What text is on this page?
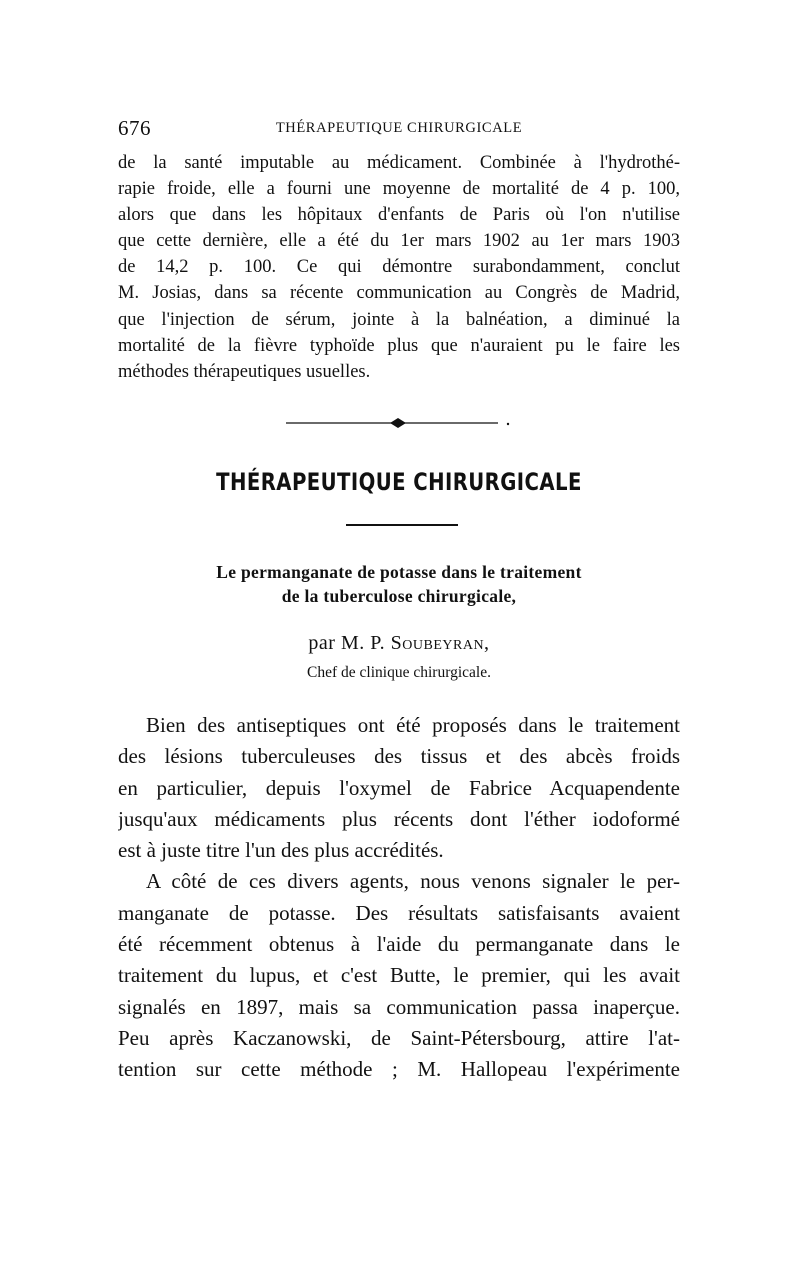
676	THÉRAPEUTIQUE CHIRURGICALE
de la santé imputable au médicament. Combinée à l'hydrothé-
rapie froide, elle a fourni une moyenne de mortalité de 4 p. 100,
alors que dans les hôpitaux d'enfants de Paris où l'on n'utilise
que cette dernière, elle a été du 1er mars 1902 au 1er mars 1903
de 14,2 p. 100. Ce qui démontre surabondamment, conclut
M. Josias, dans sa récente communication au Congrès de Madrid,
que l'injection de sérum, jointe à la balnéation, a diminué la
mortalité de la fièvre typhoïde plus que n'auraient pu le faire les
méthodes thérapeutiques usuelles.
THÉRAPEUTIQUE CHIRURGICALE
Le permanganate de potasse dans le traitement
de la tuberculose chirurgicale,
par M. P. Soubeyran,
Chef de clinique chirurgicale.
Bien des antiseptiques ont été proposés dans le traitement
des lésions tuberculeuses des tissus et des abcès froids
en particulier, depuis l'oxymel de Fabrice Acquapendente
jusqu'aux médicaments plus récents dont l'éther iodoformé
est à juste titre l'un des plus accrédités.
A côté de ces divers agents, nous venons signaler le per-
manganate de potasse. Des résultats satisfaisants avaient
été récemment obtenus à l'aide du permanganate dans le
traitement du lupus, et c'est Butte, le premier, qui les avait
signalés en 1897, mais sa communication passa inaperçue.
Peu après Kaczanowski, de Saint-Pétersbourg, attire l'at-
tention sur cette méthode ; M. Hallopeau l'expérimente
